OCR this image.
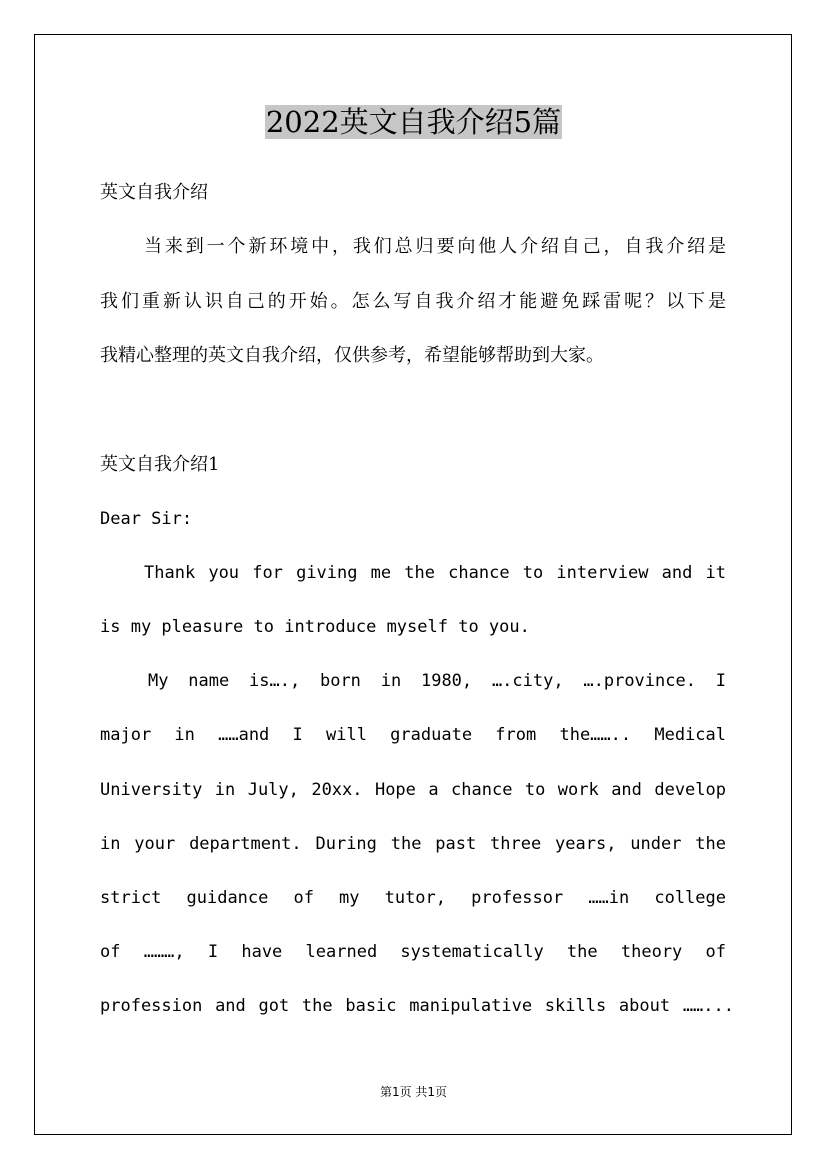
2022英文自我介绍5篇
英文自我介绍
当来到一个新环境中，我们总归要向他人介绍自己，自我介绍是
我们重新认识自己的开始。怎么写自我介绍才能避免踩雷呢？以下是
我精心整理的英文自我介绍，仅供参考，希望能够帮助到大家。
英文自我介绍1
Dear Sir:
Thank you for giving me the chance to interview and it
is my pleasure to introduce myself to you.
My name is…., born in 1980, ….city, ….province. I
major in ……and I will graduate from the…….. Medical
University in July, 20xx. Hope a chance to work and develop
in your department. During the past three years, under the
strict guidance of my tutor, professor ……in college
of ………, I have learned systematically the theory of
profession and got the basic manipulative skills about ……...
第1页 共1页
